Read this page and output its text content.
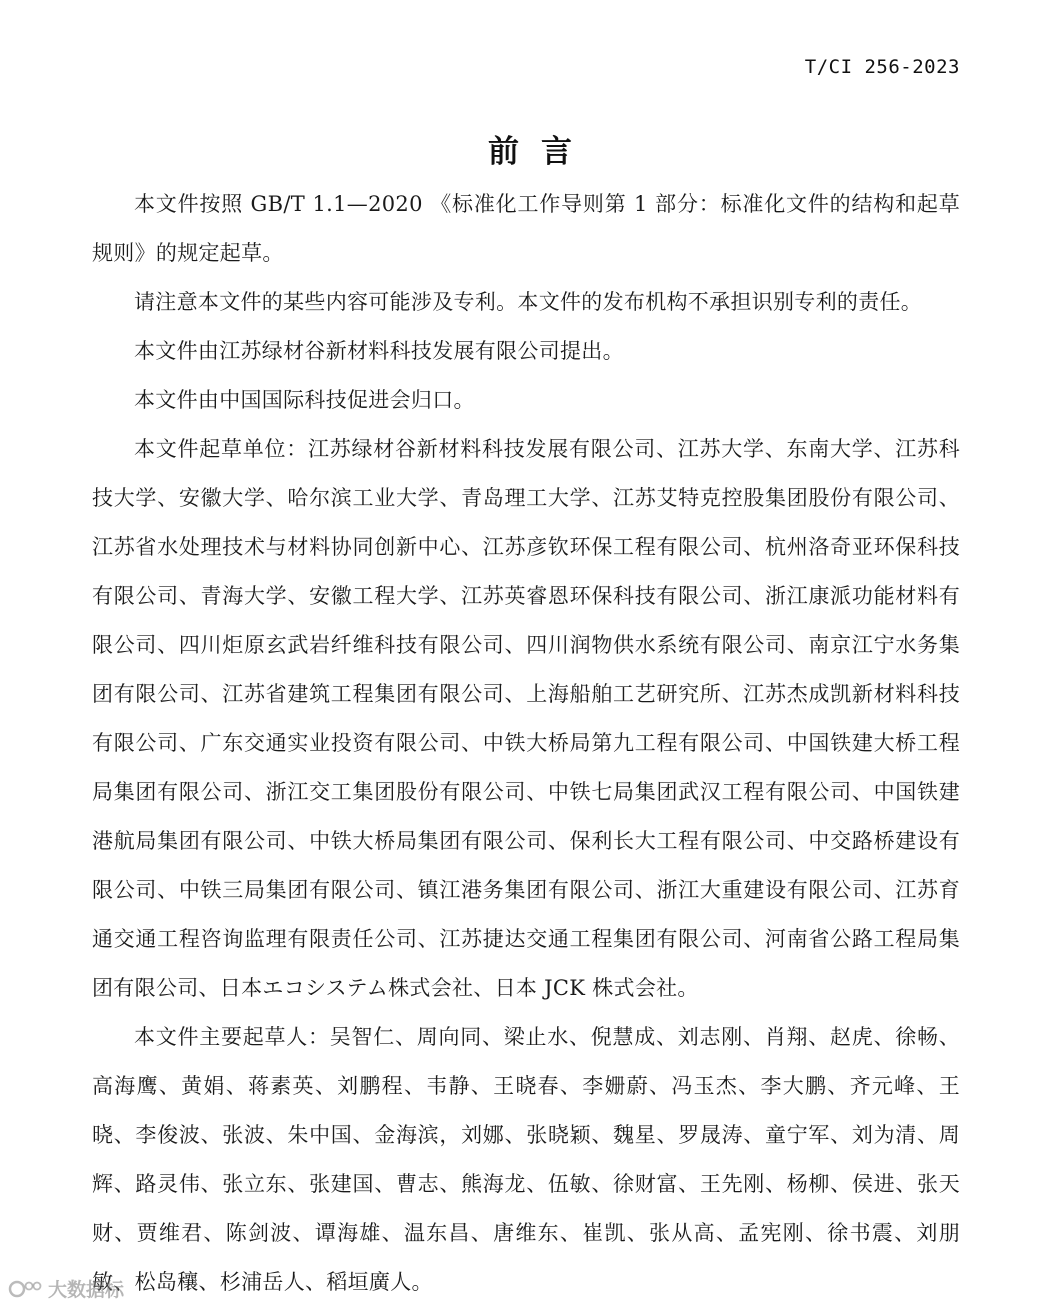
T/CI 256-2023
前言

本文件按照 GB/T 1.1—2020 《标准化工作导则第 1 部分：标准化文件的结构和起草规则》的规定起草。

请注意本文件的某些内容可能涉及专利。本文件的发布机构不承担识别专利的责任。

本文件由江苏绿材谷新材料科技发展有限公司提出。

本文件由中国国际科技促进会归口。

本文件起草单位：江苏绿材谷新材料科技发展有限公司、江苏大学、东南大学、江苏科技大学、安徽大学、哈尔滨工业大学、青岛理工大学、江苏艾特克控股集团股份有限公司、江苏省水处理技术与材料协同创新中心、江苏彦钦环保工程有限公司、杭州洛奇亚环保科技有限公司、青海大学、安徽工程大学、江苏英睿恩环保科技有限公司、浙江康派功能材料有限公司、四川炬原玄武岩纤维科技有限公司、四川润物供水系统有限公司、南京江宁水务集团有限公司、江苏省建筑工程集团有限公司、上海船舶工艺研究所、江苏杰成凯新材料科技有限公司、广东交通实业投资有限公司、中铁大桥局第九工程有限公司、中国铁建大桥工程局集团有限公司、浙江交工集团股份有限公司、中铁七局集团武汉工程有限公司、中国铁建港航局集团有限公司、中铁大桥局集团有限公司、保利长大工程有限公司、中交路桥建设有限公司、中铁三局集团有限公司、镇江港务集团有限公司、浙江大重建设有限公司、江苏育通交通工程咨询监理有限责任公司、江苏捷达交通工程集团有限公司、河南省公路工程局集团有限公司、日本エコシステム株式会社、日本 JCK 株式会社。

本文件主要起草人：吴智仁、周向同、梁止水、倪慧成、刘志刚、肖翔、赵虎、徐畅、高海鹰、黄娟、蒋素英、刘鹏程、韦静、王晓春、李姗蔚、冯玉杰、李大鹏、齐元峰、王晓、李俊波、张波、朱中国、金海滨，刘娜、张晓颖、魏星、罗晟涛、童宁军、刘为清、周辉、路灵伟、张立东、张建国、曹志、熊海龙、伍敏、徐财富、王先刚、杨柳、侯进、张天财、贾维君、陈剑波、谭海雄、温东昌、唐维东、崔凯、张从高、孟宪刚、徐书震、刘朋敏、松岛穰、杉浦岳人、稻垣廣人。

大数据标
